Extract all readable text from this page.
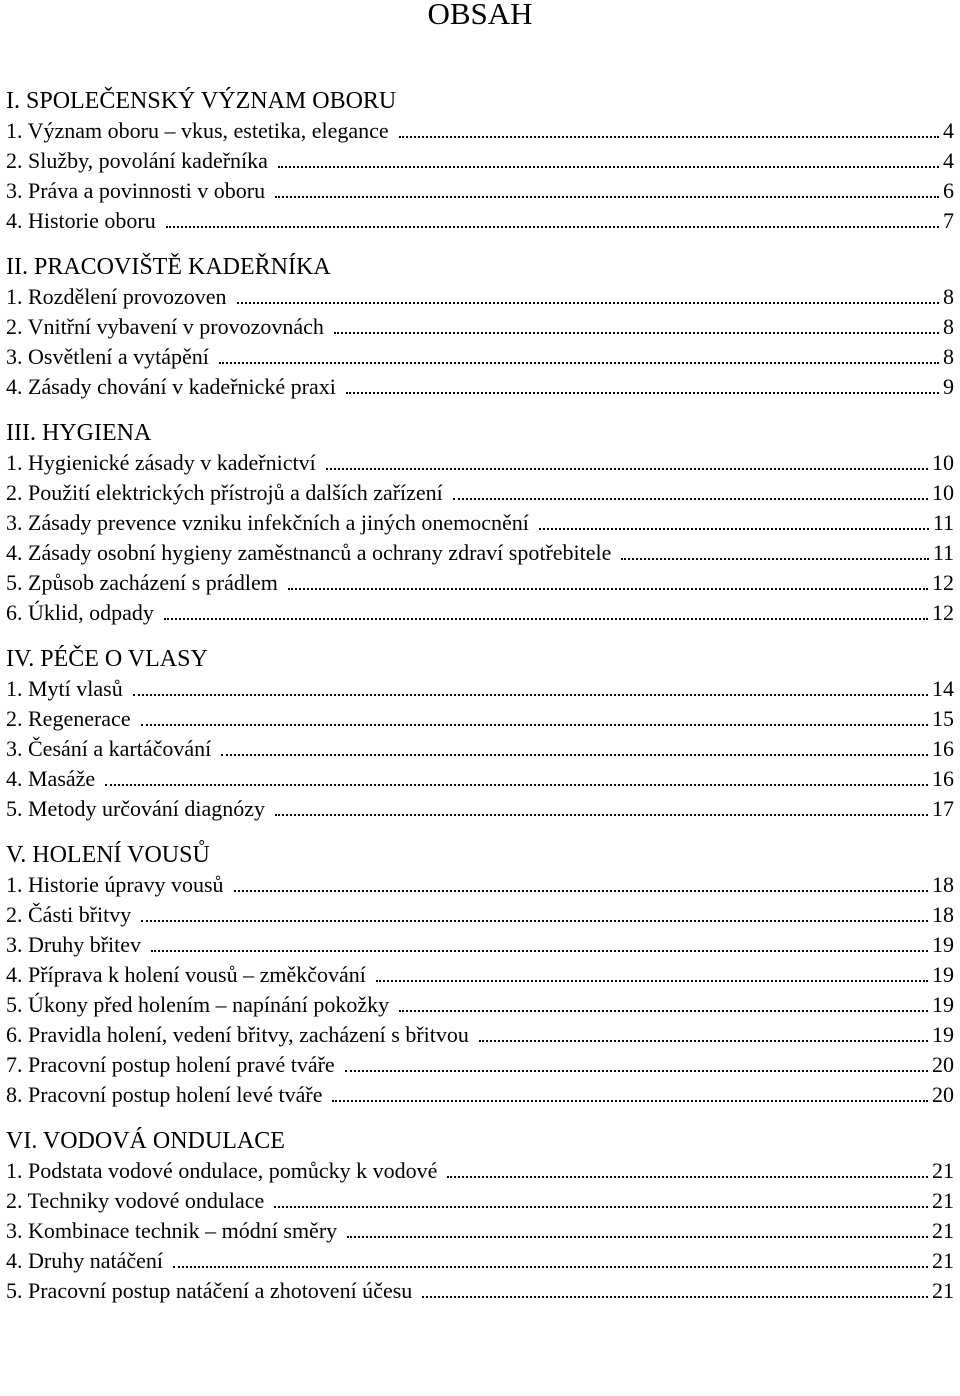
OBSAH
I. SPOLEČENSKÝ VÝZNAM OBORU
1. Význam oboru – vkus, estetika, elegance	4
2. Služby, povolání kadeřníka	4
3. Práva a povinnosti v oboru	6
4. Historie oboru	7
II. PRACOVIŠTĚ KADEŘNÍKA
1. Rozdělení provozoven	8
2. Vnitřní vybavení v provozovnách	8
3. Osvětlení a vytápění	8
4. Zásady chování v kadeřnické praxi	9
III. HYGIENA
1. Hygienické zásady v kadeřnictví	10
2. Použití elektrických přístrojů a dalších zařízení	10
3. Zásady prevence vzniku infekčních a jiných onemocnění	11
4. Zásady osobní hygieny zaměstnanců a ochrany zdraví spotřebitele	11
5. Způsob zacházení s prádlem	12
6. Úklid, odpady	12
IV. PÉČE O VLASY
1. Mytí vlasů	14
2. Regenerace	15
3. Česání a kartáčování	16
4. Masáže	16
5. Metody určování diagnózy	17
V. HOLENÍ VOUSŮ
1. Historie úpravy vousů	18
2. Části břitvy	18
3. Druhy břitev	19
4. Příprava k holení vousů – změkčování	19
5. Úkony před holením – napínání pokožky	19
6. Pravidla holení, vedení břitvy, zacházení s břitvou	19
7. Pracovní postup holení pravé tváře	20
8. Pracovní postup holení levé tváře	20
VI. VODOVÁ ONDULACE
1. Podstata vodové ondulace, pomůcky k vodové	21
2. Techniky vodové ondulace	21
3. Kombinace technik – módní směry	21
4. Druhy natáčení	21
5. Pracovní postup natáčení a zhotovení účesu	21
